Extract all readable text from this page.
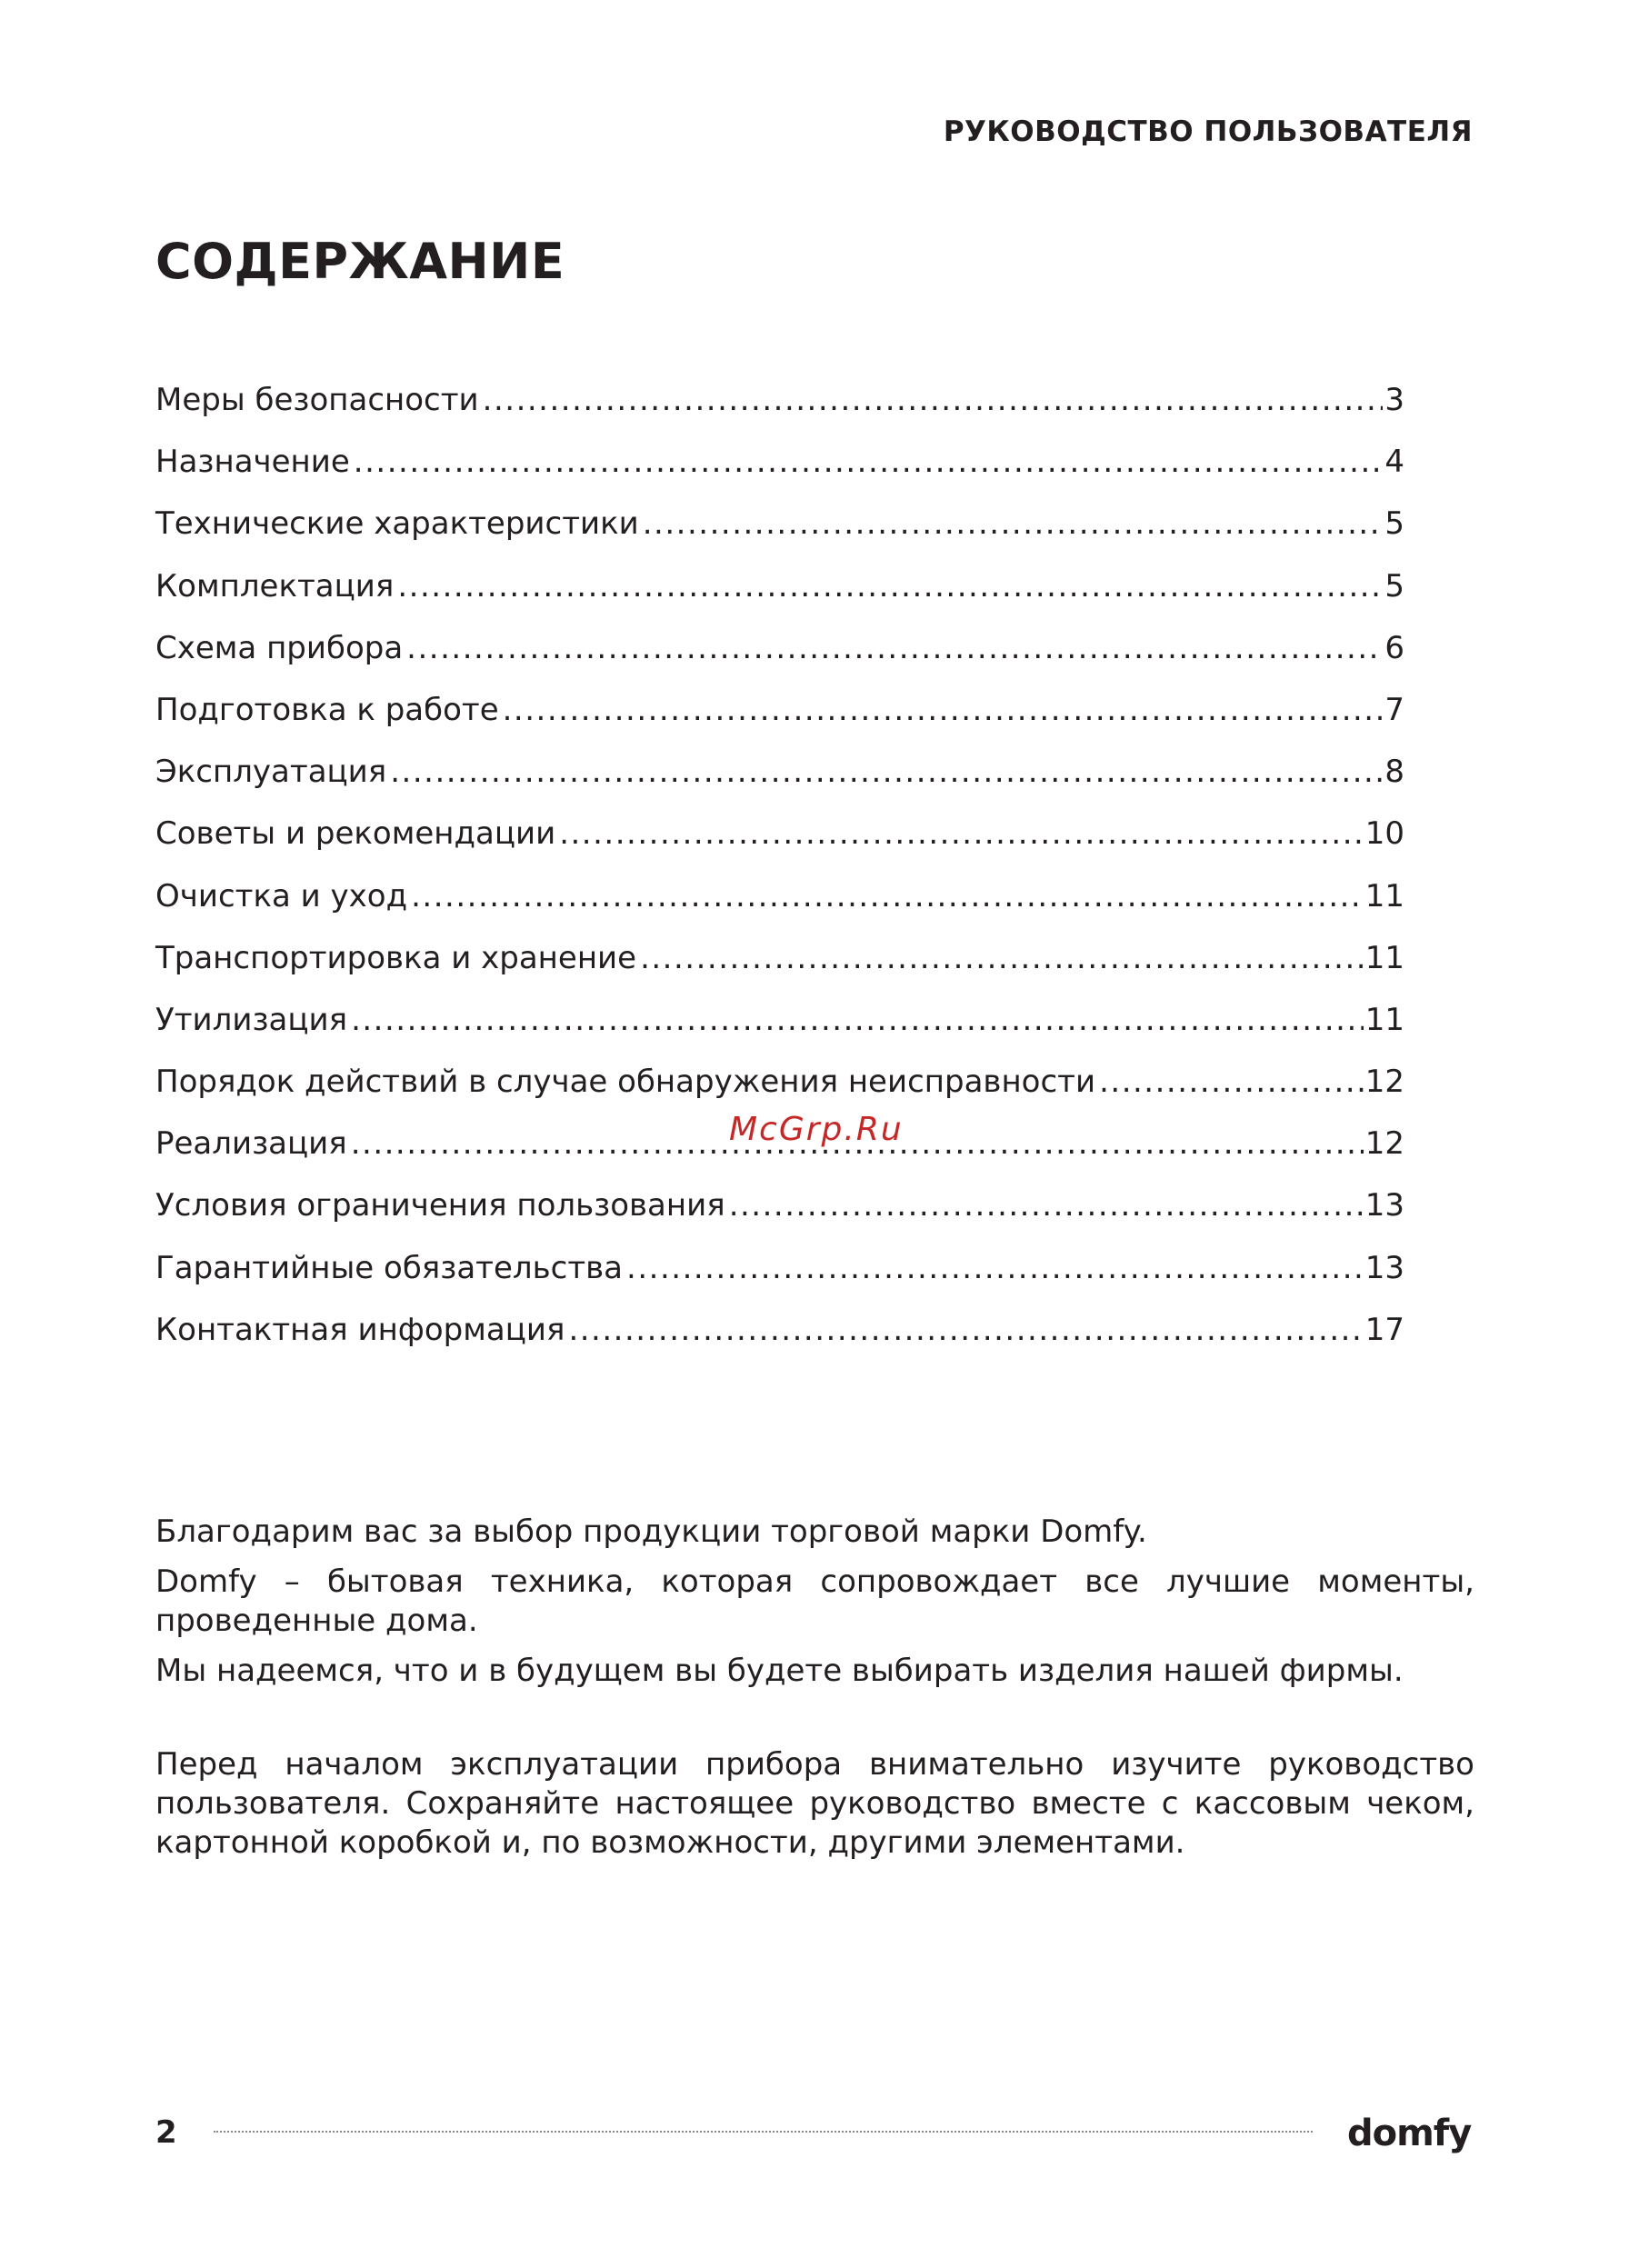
РУКОВОДСТВО ПОЛЬЗОВАТЕЛЯ
СОДЕРЖАНИЕ
Меры безопасности .....	3
Назначение .....	4
Технические характеристики .....	5
Комплектация .....	5
Схема прибора .....	6
Подготовка к работе .....	7
Эксплуатация .....	8
Советы и рекомендации .....	10
Очистка и уход .....	11
Транспортировка и хранение .....	11
Утилизация .....	11
Порядок действий в случае обнаружения неисправности .....	12
Реализация .....	12
Условия ограничения пользования .....	13
Гарантийные обязательства .....	13
Контактная информация .....	17
McGrp.Ru

Благодарим вас за выбор продукции торговой марки Domfy.

Domfy – бытовая техника, которая сопровождает все лучшие моменты, проведенные дома.

Мы надеемся, что и в будущем вы будете выбирать изделия нашей фирмы.

Перед началом эксплуатации прибора внимательно изучите руководство пользователя. Сохраняйте настоящее руководство вместе с кассовым чеком, картонной коробкой и, по возможности, другими элементами.

2	domfy
